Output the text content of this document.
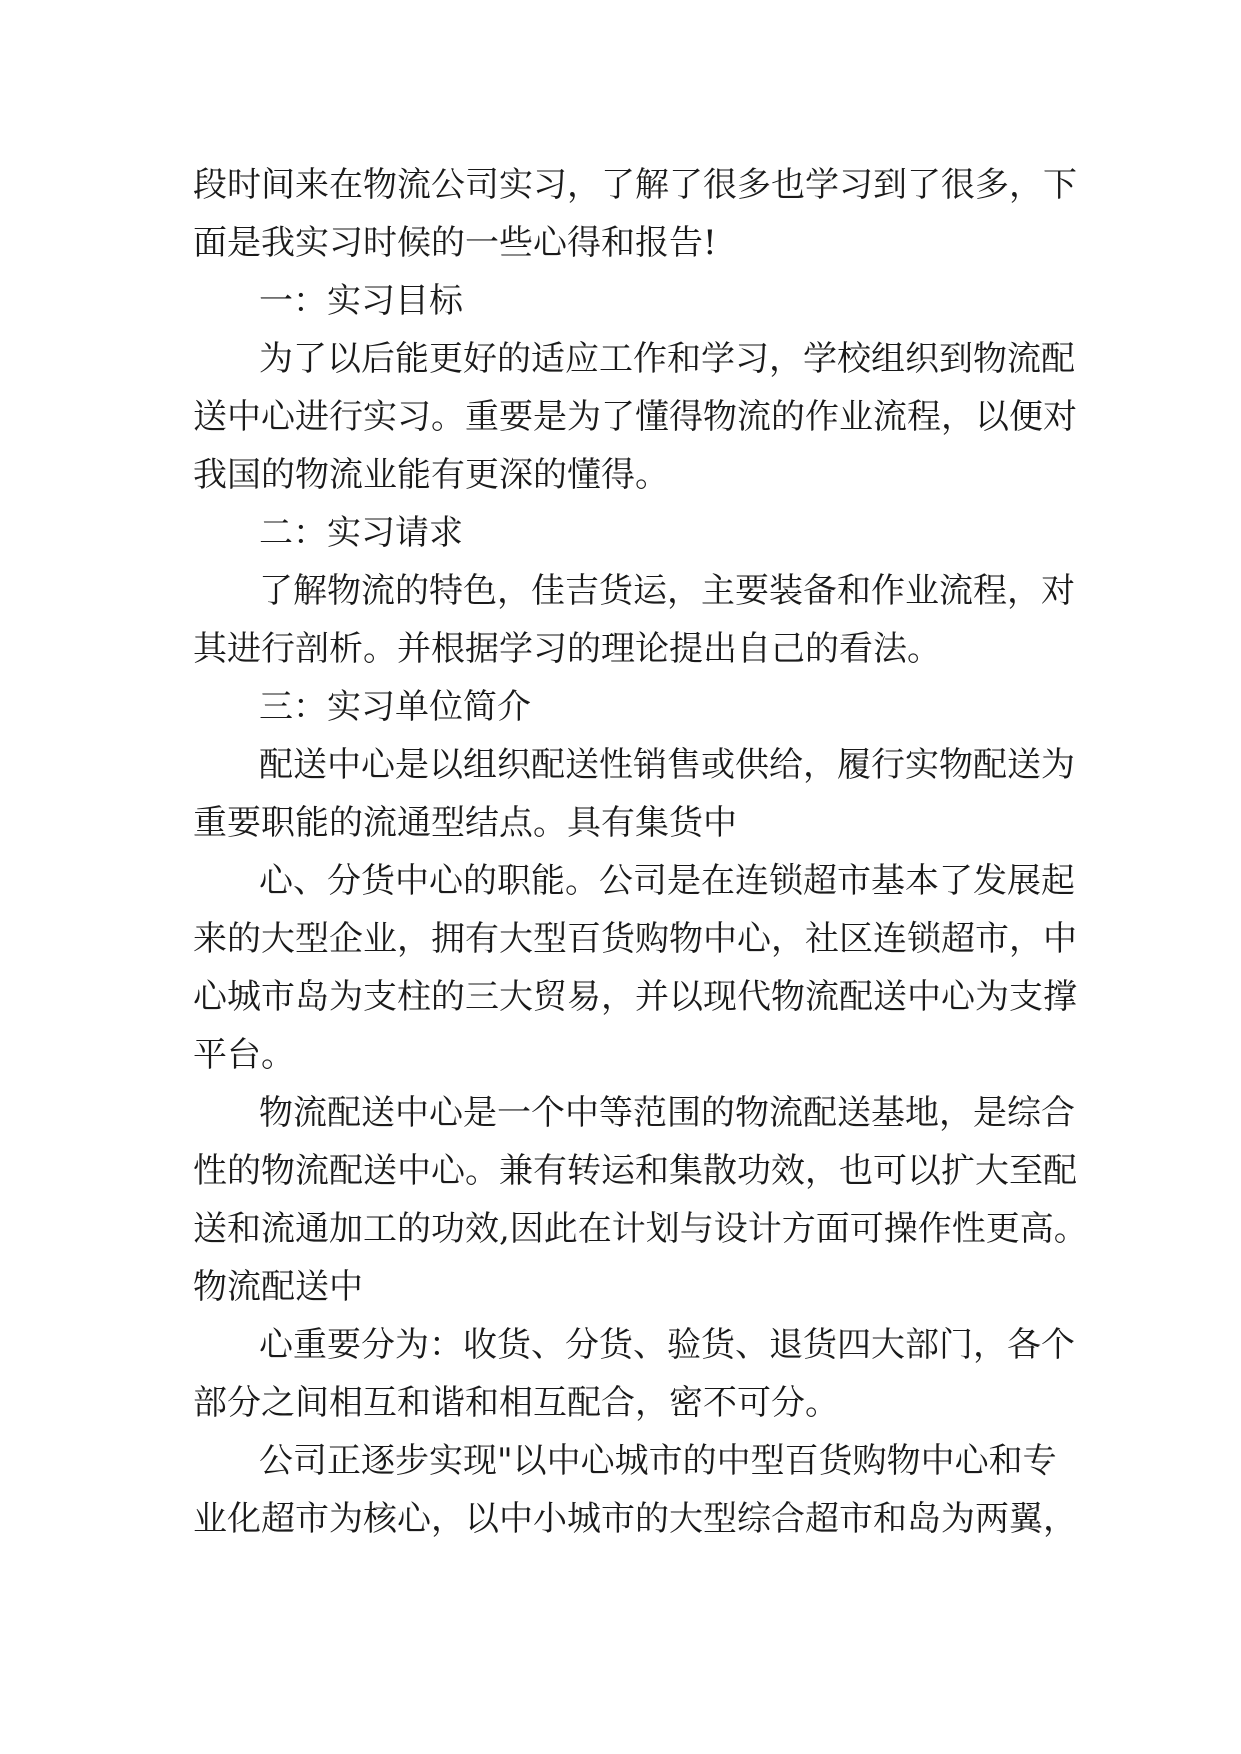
段时间来在物流公司实习，了解了很多也学习到了很多，下
面是我实习时候的一些心得和报告!
一：实习目标
为了以后能更好的适应工作和学习，学校组织到物流配
送中心进行实习。重要是为了懂得物流的作业流程，以便对
我国的物流业能有更深的懂得。
二：实习请求
了解物流的特色，佳吉货运，主要装备和作业流程，对
其进行剖析。并根据学习的理论提出自己的看法。
三：实习单位简介
配送中心是以组织配送性销售或供给，履行实物配送为
重要职能的流通型结点。具有集货中
心、分货中心的职能。公司是在连锁超市基本了发展起
来的大型企业，拥有大型百货购物中心，社区连锁超市，中
心城市岛为支柱的三大贸易，并以现代物流配送中心为支撑
平台。
物流配送中心是一个中等范围的物流配送基地，是综合
性的物流配送中心。兼有转运和集散功效，也可以扩大至配
送和流通加工的功效,因此在计划与设计方面可操作性更高。
物流配送中
心重要分为：收货、分货、验货、退货四大部门，各个
部分之间相互和谐和相互配合，密不可分。
公司正逐步实现"以中心城市的中型百货购物中心和专
业化超市为核心，以中小城市的大型综合超市和岛为两翼，
